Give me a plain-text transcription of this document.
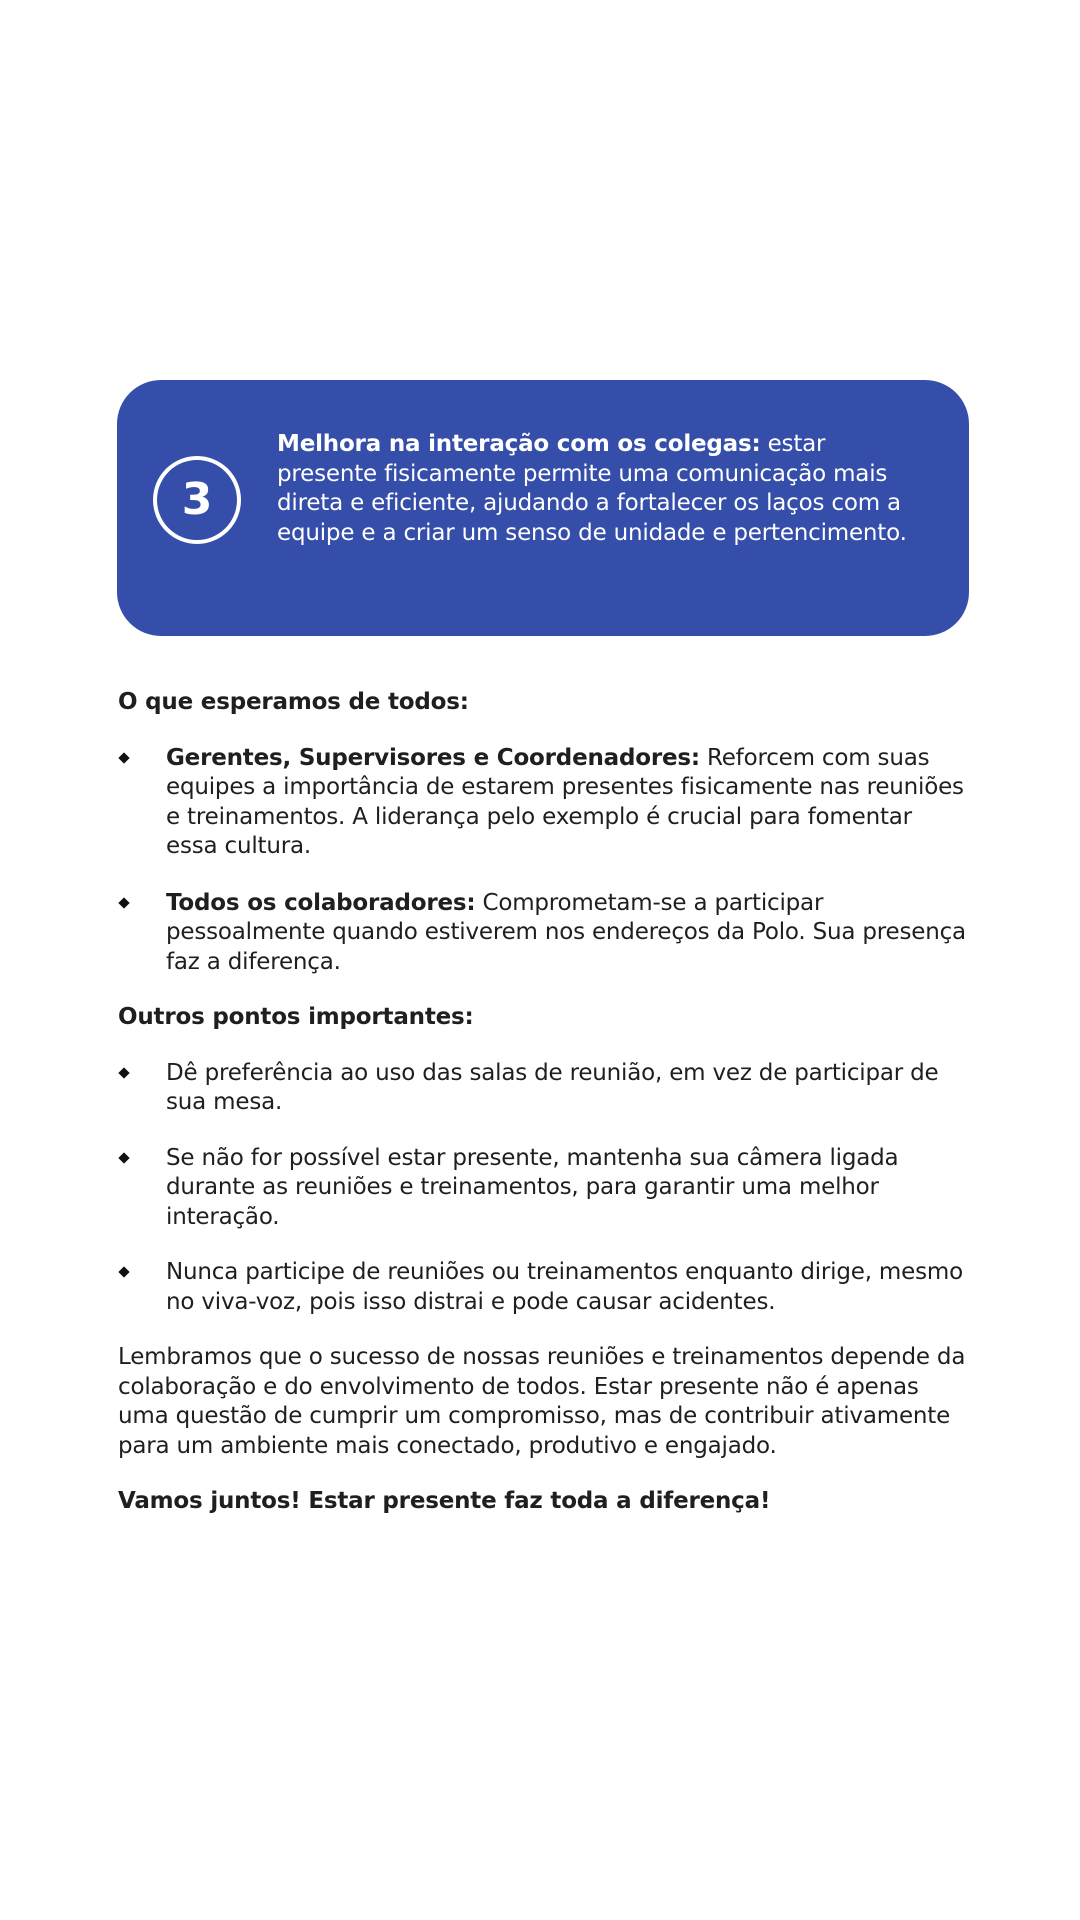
3
Melhora na interação com os colegas: estar presente fisicamente permite uma comunicação mais direta e eficiente, ajudando a fortalecer os laços com a equipe e a criar um senso de unidade e pertencimento.

O que esperamos de todos:

Gerentes, Supervisores e Coordenadores: Reforcem com suas equipes a importância de estarem presentes fisicamente nas reuniões e treinamentos. A liderança pelo exemplo é crucial para fomentar essa cultura.
Todos os colaboradores: Comprometam-se a participar pessoalmente quando estiverem nos endereços da Polo. Sua presença faz a diferença.

Outros pontos importantes:

Dê preferência ao uso das salas de reunião, em vez de participar de sua mesa.
Se não for possível estar presente, mantenha sua câmera ligada durante as reuniões e treinamentos, para garantir uma melhor interação.
Nunca participe de reuniões ou treinamentos enquanto dirige, mesmo no viva-voz, pois isso distrai e pode causar acidentes.

Lembramos que o sucesso de nossas reuniões e treinamentos depende da colaboração e do envolvimento de todos. Estar presente não é apenas uma questão de cumprir um compromisso, mas de contribuir ativamente para um ambiente mais conectado, produtivo e engajado.

Vamos juntos! Estar presente faz toda a diferença!
